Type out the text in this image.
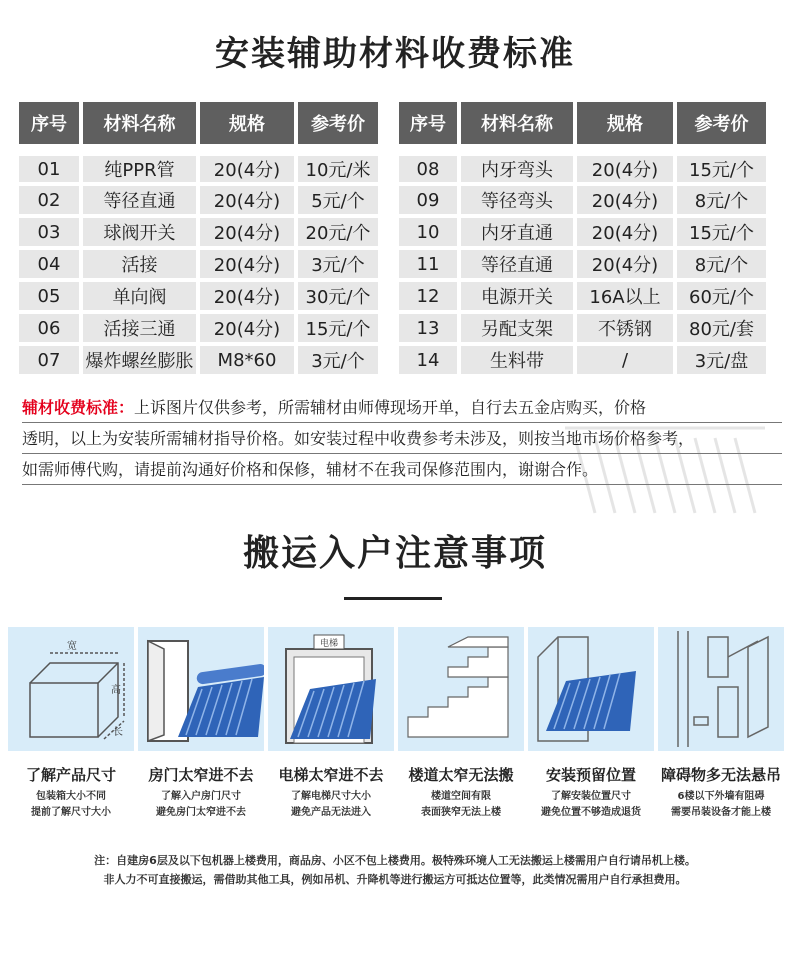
安装辅助材料收费标准
序号	材料名称	规格	参考价
01	纯PPR管	20(4分)	10元/米
02	等径直通	20(4分)	5元/个
03	球阀开关	20(4分)	20元/个
04	活接	20(4分)	3元/个
05	单向阀	20(4分)	30元/个
06	活接三通	20(4分)	15元/个
07	爆炸螺丝膨胀	M8*60	3元/个
序号	材料名称	规格	参考价
08	内牙弯头	20(4分)	15元/个
09	等径弯头	20(4分)	8元/个
10	内牙直通	20(4分)	15元/个
11	等径直通	20(4分)	8元/个
12	电源开关	16A以上	60元/个
13	另配支架	不锈钢	80元/套
14	生料带	/	3元/盘
辅材收费标准：上诉图片仅供参考，所需辅材由师傅现场开单，自行去五金店购买，价格
透明，以上为安装所需辅材指导价格。如安装过程中收费参考未涉及，则按当地市场价格参考，
如需师傅代购，请提前沟通好价格和保修，辅材不在我司保修范围内，谢谢合作。
搬运入户注意事项
宽
高
长
电梯
了解产品尺寸
包装箱大小不同
提前了解尺寸大小
房门太窄进不去
了解入户房门尺寸
避免房门太窄进不去
电梯太窄进不去
了解电梯尺寸大小
避免产品无法进入
楼道太窄无法搬
楼道空间有限
表面狭窄无法上楼
安装预留位置
了解安装位置尺寸
避免位置不够造成退货
障碍物多无法悬吊
6楼以下外墙有阻碍
需要吊装设备才能上楼
注：自建房6层及以下包机器上楼费用，商品房、小区不包上楼费用。极特殊环境人工无法搬运上楼需用户自行请吊机上楼。
非人力不可直接搬运，需借助其他工具，例如吊机、升降机等进行搬运方可抵达位置等，此类情况需用户自行承担费用。
